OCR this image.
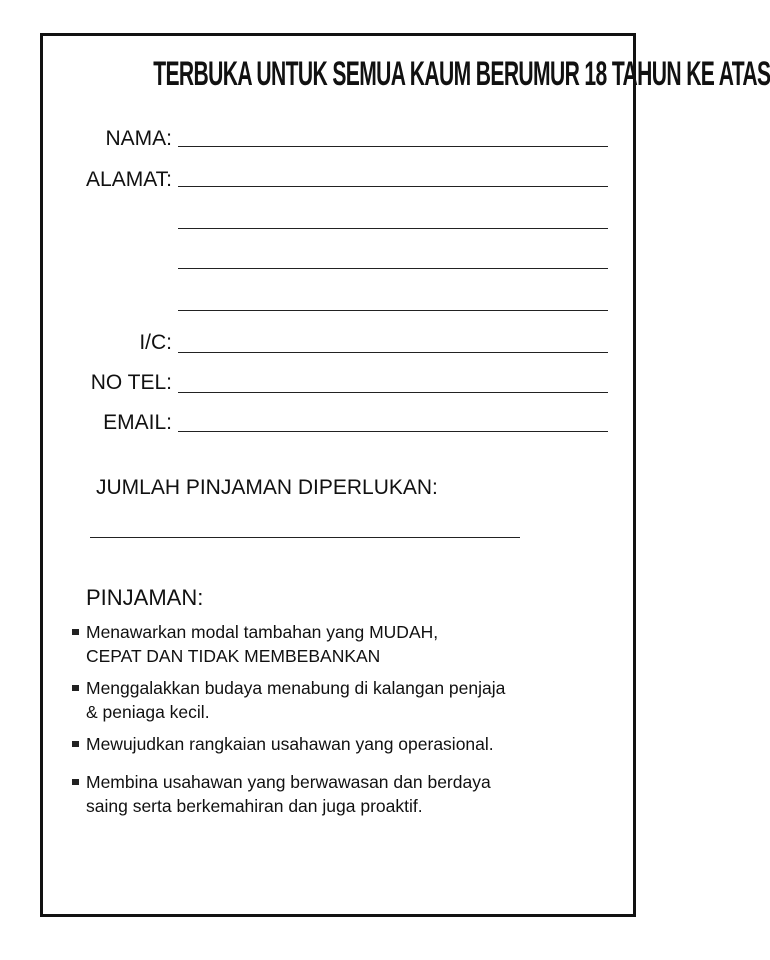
TERBUKA UNTUK SEMUA KAUM BERUMUR 18 TAHUN KE ATAS
NAMA:
ALAMAT:
I/C:
NO TEL:
EMAIL:
JUMLAH PINJAMAN DIPERLUKAN:
PINJAMAN:
Menawarkan modal tambahan yang MUDAH,
CEPAT DAN TIDAK MEMBEBANKAN
Menggalakkan budaya menabung di kalangan penjaja
& peniaga kecil.
Mewujudkan rangkaian usahawan yang operasional.
Membina usahawan yang berwawasan dan berdaya
saing serta berkemahiran dan juga proaktif.
